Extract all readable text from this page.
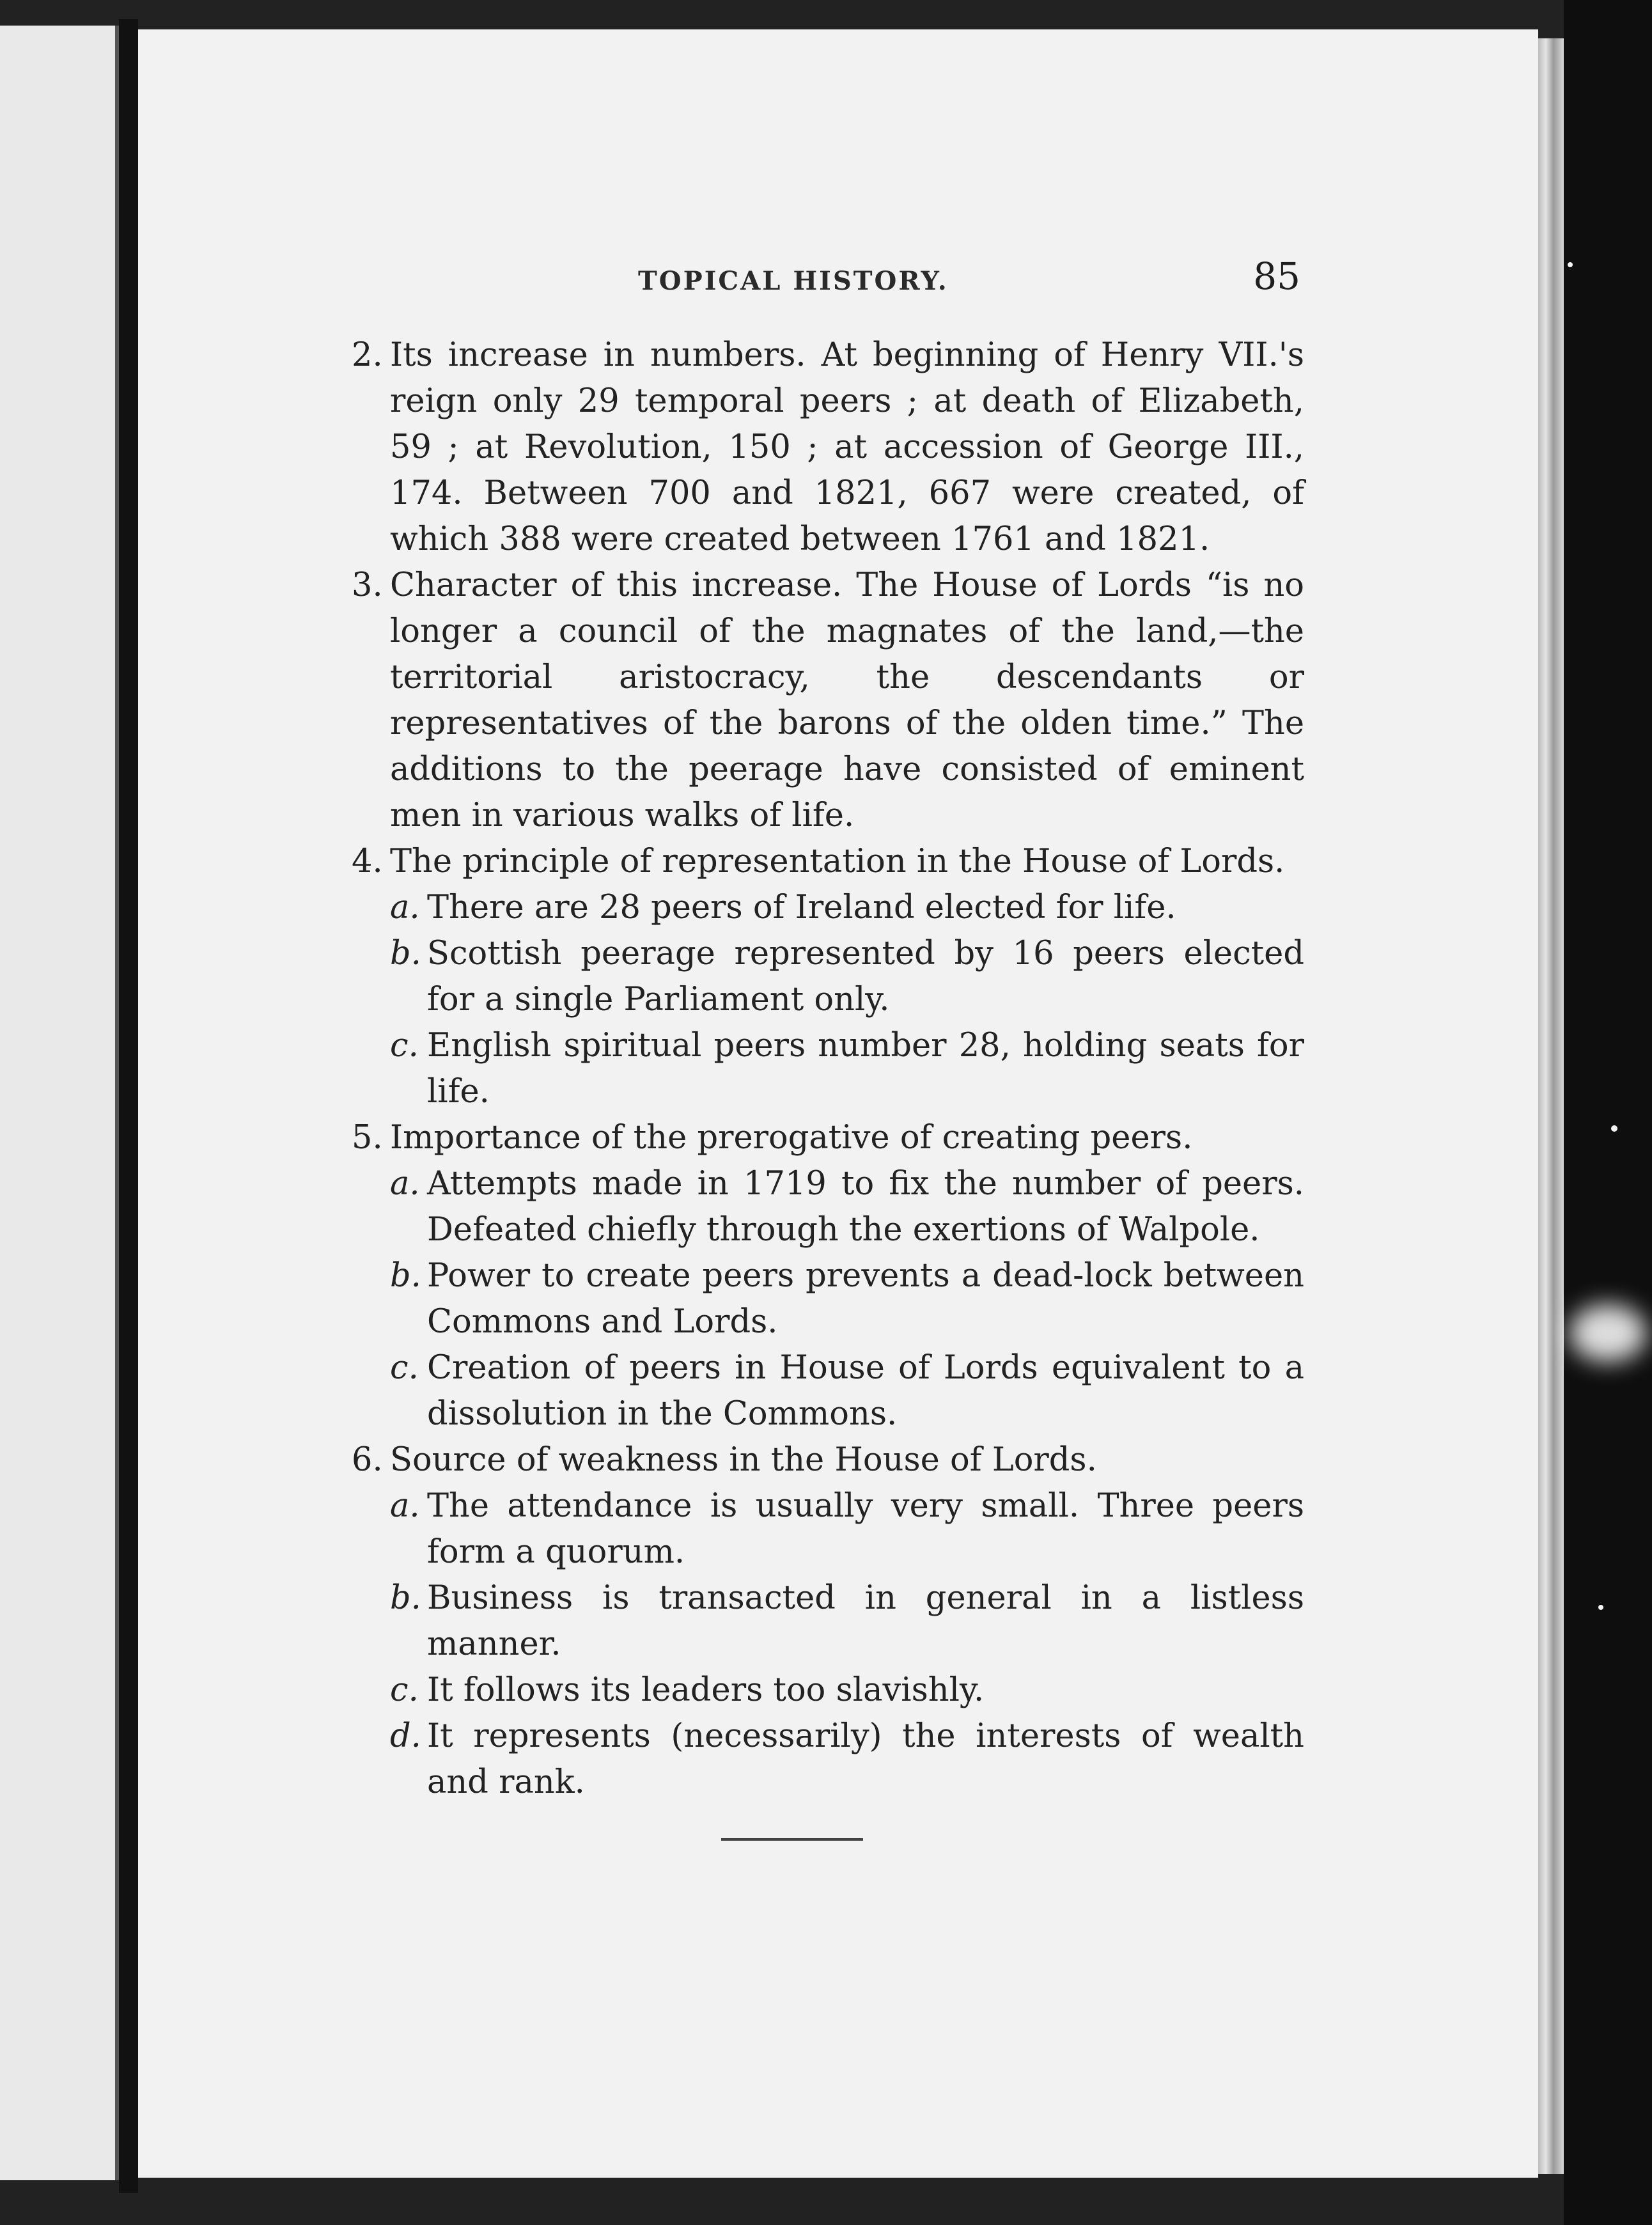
TOPICAL HISTORY.	85
2. Its increase in numbers. At beginning of Henry VII.'s reign only 29 temporal peers ; at death of Elizabeth, 59 ; at Revolution, 150 ; at accession of George III., 174. Between 700 and 1821, 667 were created, of which 388 were created between 1761 and 1821.
3. Character of this increase. The House of Lords “is no longer a council of the magnates of the land,—the territorial aristocracy, the descendants or representatives of the barons of the olden time.” The additions to the peerage have consisted of eminent men in various walks of life.
4. The principle of representation in the House of Lords.
a. There are 28 peers of Ireland elected for life.
b. Scottish peerage represented by 16 peers elected for a single Parliament only.
c. English spiritual peers number 28, holding seats for life.
5. Importance of the prerogative of creating peers.
a. Attempts made in 1719 to fix the number of peers. Defeated chiefly through the exertions of Walpole.
b. Power to create peers prevents a dead-lock between Commons and Lords.
c. Creation of peers in House of Lords equivalent to a dissolution in the Commons.
6. Source of weakness in the House of Lords.
a. The attendance is usually very small. Three peers form a quorum.
b. Business is transacted in general in a listless manner.
c. It follows its leaders too slavishly.
d. It represents (necessarily) the interests of wealth and rank.
